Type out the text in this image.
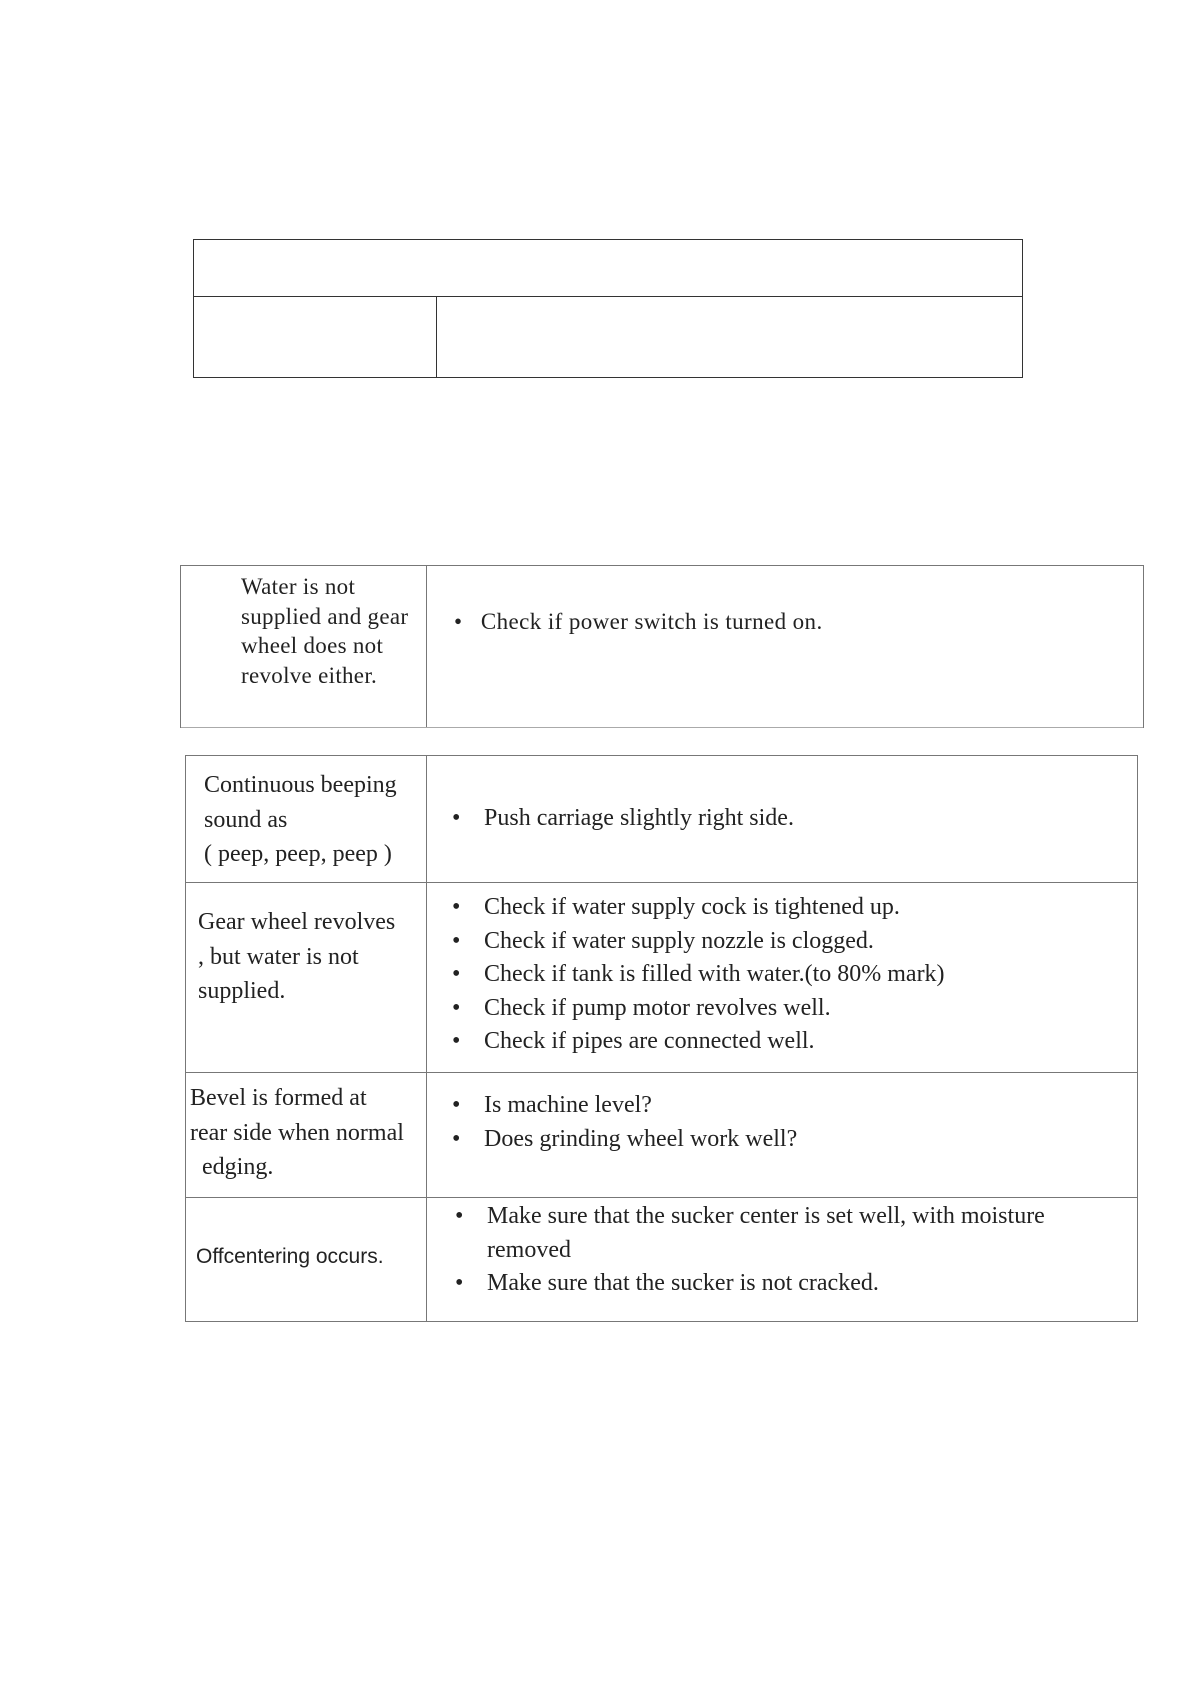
Water is not supplied and gear wheel does not revolve either.
• Check if power switch is turned on.
Continuous beeping
sound as
( peep, peep, peep )
• Push carriage slightly right side.
Gear wheel revolves
, but water is not
supplied.
• Check if water supply cock is tightened up.
• Check if water supply nozzle is clogged.
• Check if tank is filled with water.(to 80% mark)
• Check if pump motor revolves well.
• Check if pipes are connected well.
Bevel is formed at
rear side when normal
edging.
• Is machine level?
• Does grinding wheel work well?
Offcentering occurs.
• Make sure that the sucker center is set well, with moisture removed
• Make sure that the sucker is not cracked.
